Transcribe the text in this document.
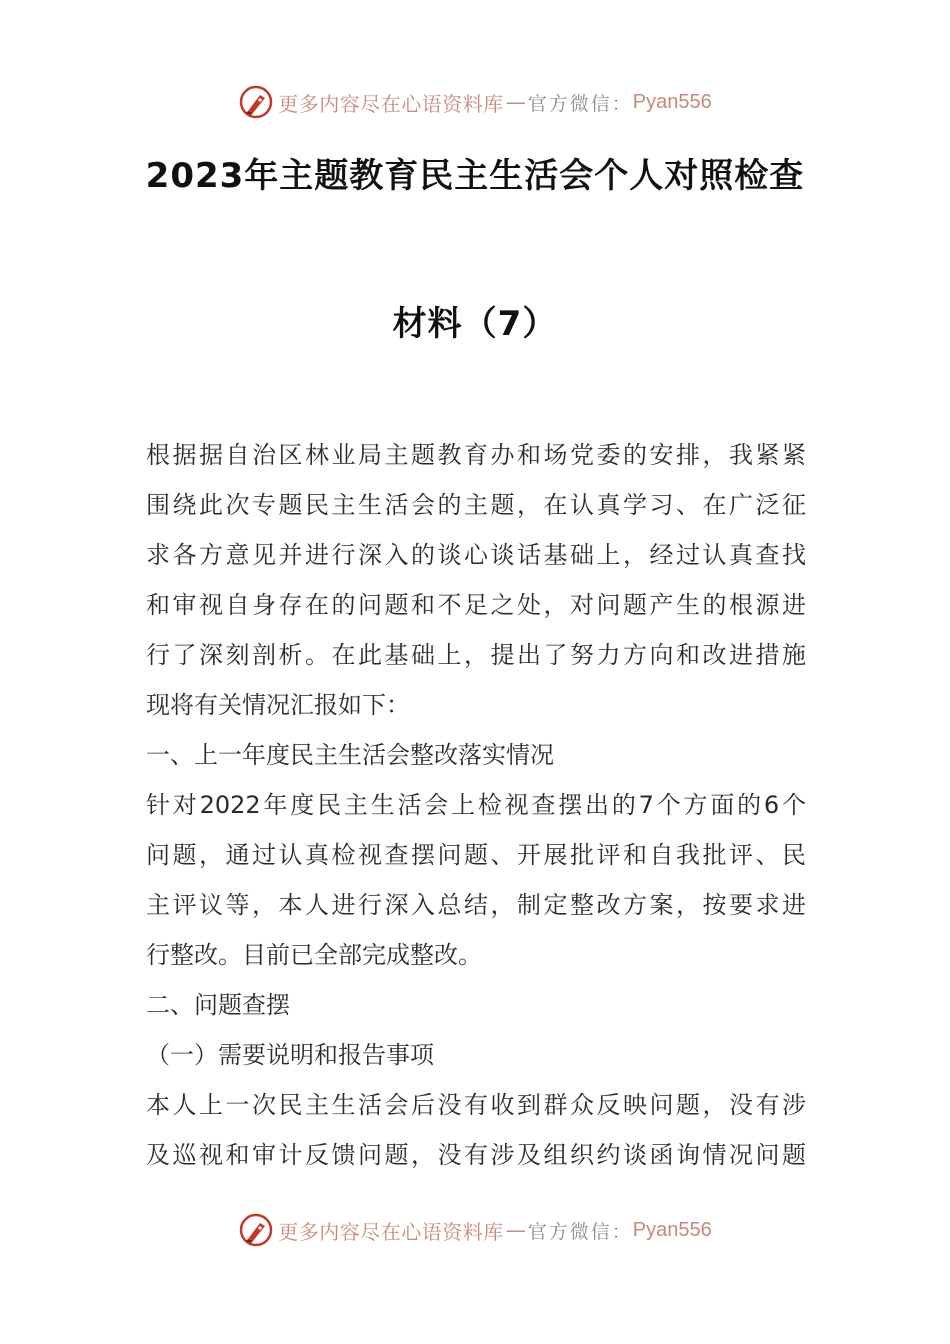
更多内容尽在心语资料库 — 官方微信： Pyan556
2023年主题教育民主生活会个人对照检查
材料（7）
根据据自治区林业局主题教育办和场党委的安排，我紧紧
围绕此次专题民主生活会的主题，在认真学习、在广泛征
求各方意见并进行深入的谈心谈话基础上，经过认真查找
和审视自身存在的问题和不足之处，对问题产生的根源进
行了深刻剖析。在此基础上，提出了努力方向和改进措施
现将有关情况汇报如下：
一、上一年度民主生活会整改落实情况
针对2022年度民主生活会上检视查摆出的7个方面的6个
问题，通过认真检视查摆问题、开展批评和自我批评、民
主评议等，本人进行深入总结，制定整改方案，按要求进
行整改。目前已全部完成整改。
二、问题查摆
（一）需要说明和报告事项
本人上一次民主生活会后没有收到群众反映问题，没有涉
及巡视和审计反馈问题，没有涉及组织约谈函询情况问题
更多内容尽在心语资料库 — 官方微信： Pyan556
